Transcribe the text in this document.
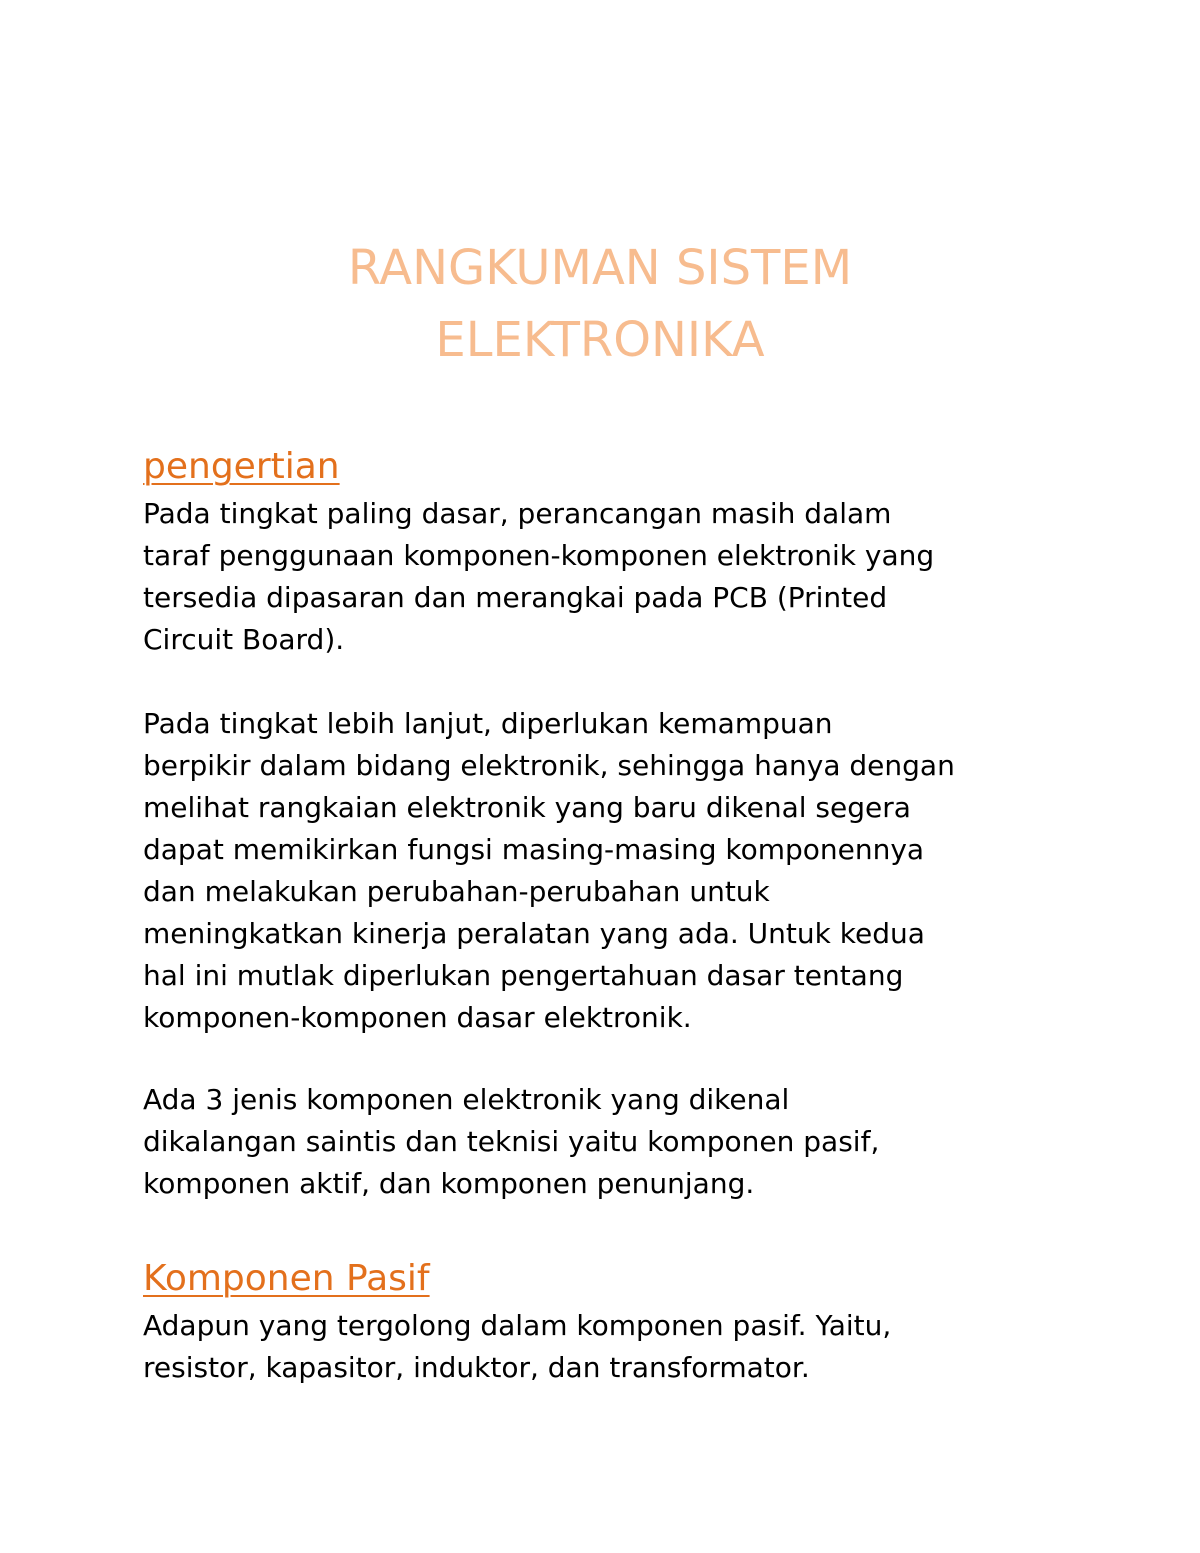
RANGKUMAN SISTEM
ELEKTRONIKA
pengertian

Pada tingkat paling dasar, perancangan masih dalam
taraf penggunaan komponen-komponen elektronik yang
tersedia dipasaran dan merangkai pada PCB (Printed
Circuit Board).

Pada tingkat lebih lanjut, diperlukan kemampuan
berpikir dalam bidang elektronik, sehingga hanya dengan
melihat rangkaian elektronik yang baru dikenal segera
dapat memikirkan fungsi masing-masing komponennya
dan melakukan perubahan-perubahan untuk
meningkatkan kinerja peralatan yang ada. Untuk kedua
hal ini mutlak diperlukan pengertahuan dasar tentang
komponen-komponen dasar elektronik.

Ada 3 jenis komponen elektronik yang dikenal
dikalangan saintis dan teknisi yaitu komponen pasif,
komponen aktif, dan komponen penunjang.

Komponen Pasif

Adapun yang tergolong dalam komponen pasif. Yaitu,
resistor, kapasitor, induktor, dan transformator.
